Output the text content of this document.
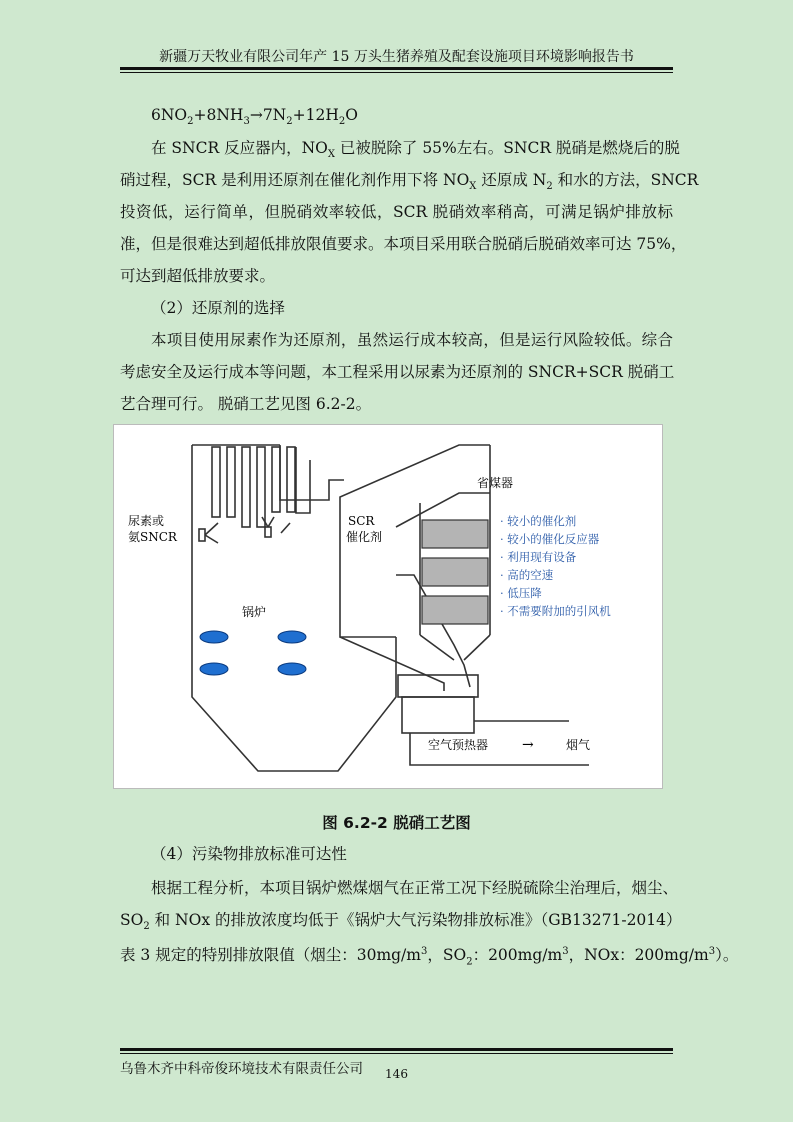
新疆万天牧业有限公司年产 15 万头生猪养殖及配套设施项目环境影响报告书
$6NO_2+8NH_3\to 7N_2+12H_2O$
在 SNCR 反应器内，$NO_X$ 已被脱除了 55%左右。SNCR 脱硝是燃烧后的脱
硝过程，SCR 是利用还原剂在催化剂作用下将 $NO_X$ 还原成 $N_2$ 和水的方法，SNCR
投资低，运行简单，但脱硝效率较低，SCR 脱硝效率稍高，可满足锅炉排放标
准，但是很难达到超低排放限值要求。本项目采用联合脱硝后脱硝效率可达 75%，
可达到超低排放要求。
（2）还原剂的选择
本项目使用尿素作为还原剂，虽然运行成本较高，但是运行风险较低。综合
考虑安全及运行成本等问题，本工程采用以尿素为还原剂的 SNCR+SCR 脱硝工
艺合理可行。 脱硝工艺见图 6.2-2。
尿素或
氨SNCR
锅炉
SCR
催化剂
省煤器
· 较小的催化剂
· 较小的催化反应器
· 利用现有设备
· 高的空速
· 低压降
· 不需要附加的引风机
空气预热器 →	烟气
图 6.2-2 脱硝工艺图
（4）污染物排放标准可达性
根据工程分析，本项目锅炉燃煤烟气在正常工况下经脱硫除尘治理后，烟尘、
$SO_2$ 和 NOx 的排放浓度均低于《锅炉大气污染物排放标准》（GB13271-2014）
表 3 规定的特别排放限值（烟尘：$30mg/m^3$，$SO_2$：$200mg/m^3$，NOx：$200mg/m^3$）。
乌鲁木齐中科帝俊环境技术有限责任公司	146
